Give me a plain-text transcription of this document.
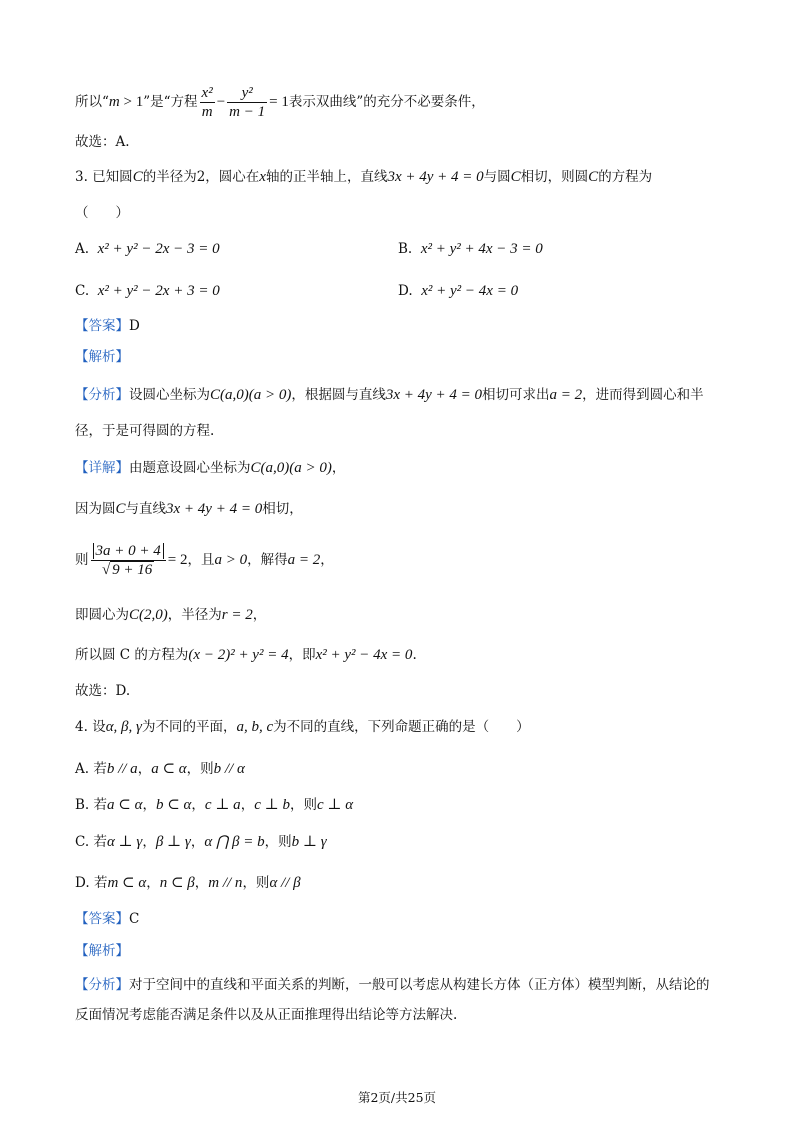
所以“m > 1”是“方程 $\frac{\text{x²}}{m} - \frac{\text{y²}}{m - 1} = 1$表示双曲线”的充分不必要条件，
故选：A.
3. 已知圆C的半径为2，圆心在x轴的正半轴上，直线3x + 4y + 4 = 0与圆C相切，则圆C的方程为
（　　）
A. x² + y² − 2x − 3 = 0	B. x² + y² + 4x − 3 = 0
C. x² + y² − 2x + 3 = 0	D. x² + y² − 4x = 0
【答案】D
【解析】
【分析】设圆心坐标为C(a,0)(a > 0)，根据圆与直线3x + 4y + 4 = 0相切可求出a = 2，进而得到圆心和半
径，于是可得圆的方程.
【详解】由题意设圆心坐标为C(a,0)(a > 0)，
因为圆C与直线3x + 4y + 4 = 0相切，
则 $\frac{3a + 0 + 4}{√ 9 + 16} = 2$，且a > 0，解得a = 2，
即圆心为C(2,0)，半径为r = 2，
所以圆 C 的方程为(x − 2)² + y² = 4，即x² + y² − 4x = 0.
故选：D.
4. 设α, β, γ为不同的平面，a, b, c为不同的直线，下列命题正确的是（　　）
A. 若b // a，a ⊂ α，则b // α
B. 若a ⊂ α，b ⊂ α，c ⊥ a，c ⊥ b，则c ⊥ α
C. 若α ⊥ γ，β ⊥ γ，α ⋂ β = b，则b ⊥ γ
D. 若m ⊂ α，n ⊂ β，m // n，则α // β
【答案】C
【解析】
【分析】对于空间中的直线和平面关系的判断，一般可以考虑从构建长方体（正方体）模型判断，从结论的
反面情况考虑能否满足条件以及从正面推理得出结论等方法解决.
第2页/共25页
